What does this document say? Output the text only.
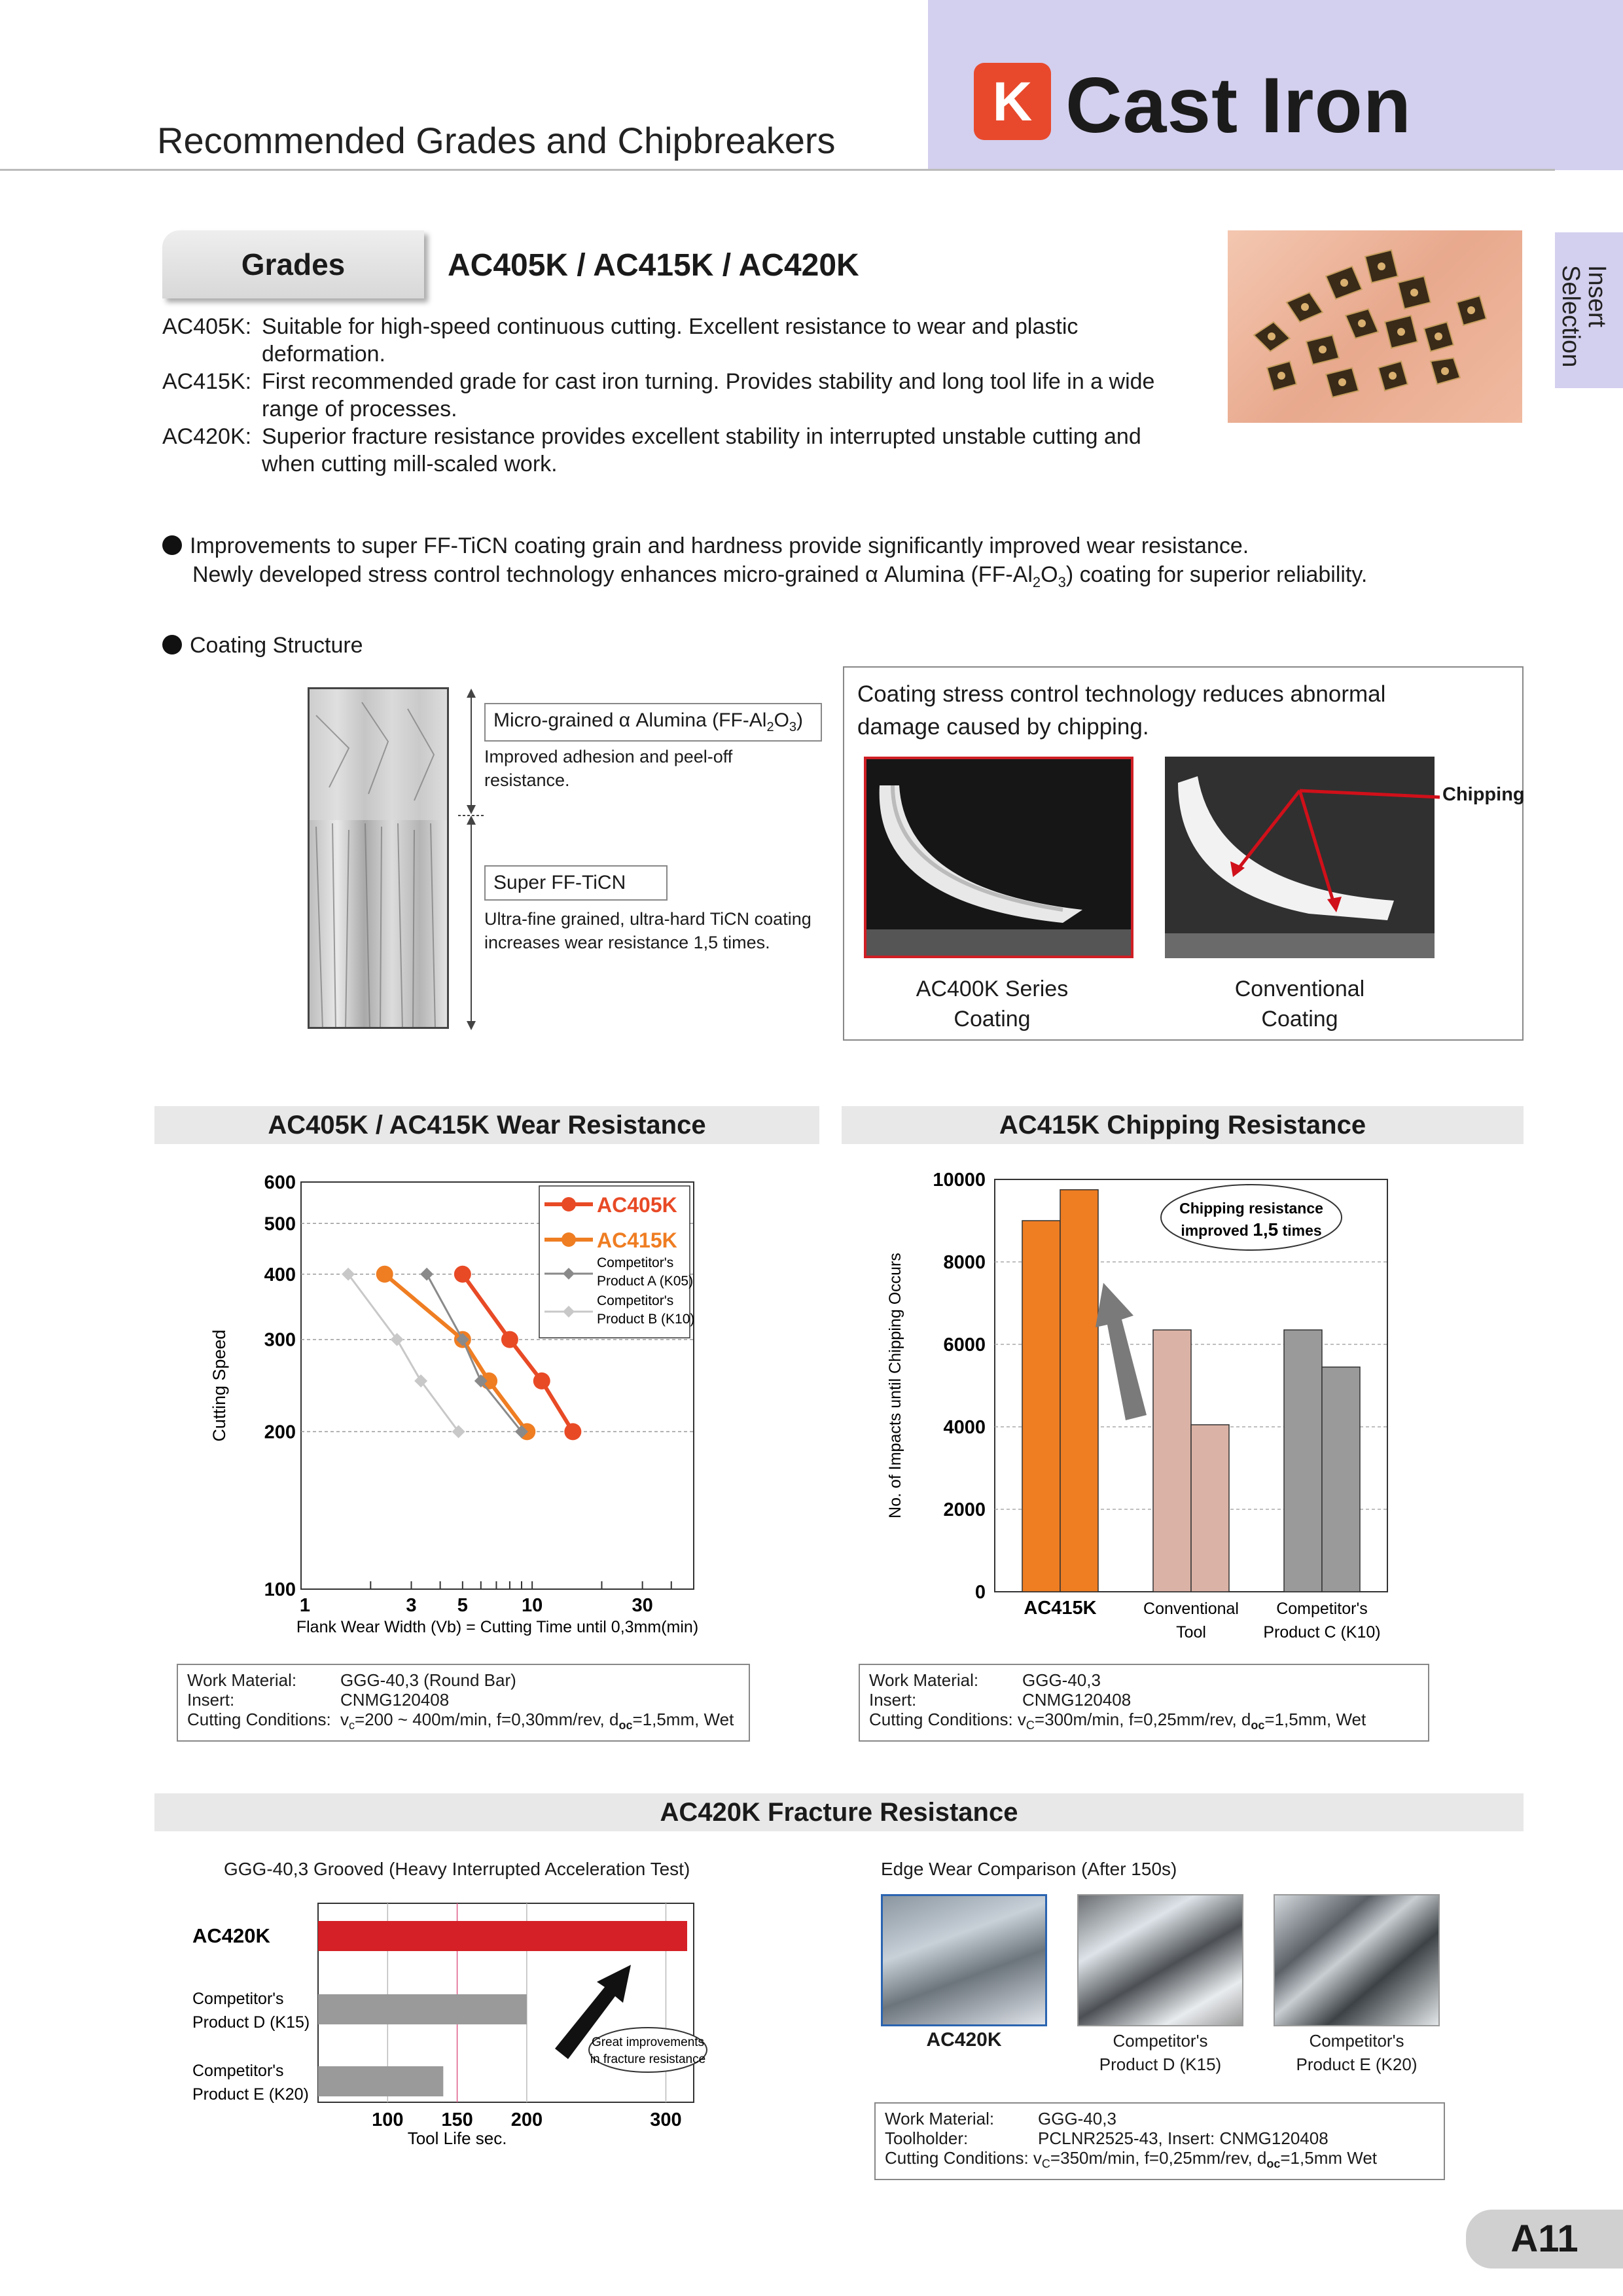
Recommended Grades and Chipbreakers
K Cast Iron
Insert
Selection
Grades	AC405K / AC415K / AC420K
AC405K: Suitable for high-speed continuous cutting. Excellent resistance to wear and plastic
deformation.
AC415K: First recommended grade for cast iron turning. Provides stability and long tool life in a wide
range of processes.
AC420K: Superior fracture resistance provides excellent stability in interrupted unstable cutting and
when cutting mill-scaled work.
Improvements to super FF-TiCN coating grain and hardness provide significantly improved wear resistance.
Newly developed stress control technology enhances micro-grained α Alumina $(FF-Al_2O_3)$ coating for superior reliability.
Coating Structure
Micro-grained α Alumina $(FF-Al_2O_3)$
Improved adhesion and peel-off
resistance.
Super FF-TiCN
Ultra-fine grained, ultra-hard TiCN coating
increases wear resistance 1,5 times.
Coating stress control technology reduces abnormal
damage caused by chipping.
Chipping
AC400K Series
Coating
Conventional
Coating
AC405K / AC415K Wear Resistance
100
200
300
400
500
600
1	3 5	10	30
Flank Wear Width (Vb) = Cutting Time until 0,3mm(min)
Cutting Speed
AC405K
AC415K
Competitor's
Product A (K05)
Competitor's
Product B (K10)
Work Material:	GGG-40,3 (Round Bar)
Insert:	CNMG120408
Cutting Conditions: $v_c=200$ ~ 400m/min, f=0,30mm/rev, $d_{oc}=1,5mm$, Wet
AC415K Chipping Resistance
0
2000
4000
6000
8000
10000
No. of Impacts until Chipping Occurs
AC415K	Conventional
Tool
Competitor's
Product C (K10)
Chipping resistance
improved 1,5 times
Work Material:	GGG-40,3
Insert:	CNMG120408
Cutting Conditions: $v_C=300m/\min$, f=0,25mm/rev, $d_{oc}=1,5mm$, Wet
AC420K Fracture Resistance
GGG-40,3 Grooved (Heavy Interrupted Acceleration Test)
100 150 200	300
Tool Life sec.
AC420K
Competitor's
Product D (K15)
Competitor's
Product E (K20)
Great improvements
in fracture resistance
Edge Wear Comparison (After 150s)
AC420K	Competitor's
Product D (K15)
Competitor's
Product E (K20)
Work Material:	GGG-40,3
Toolholder:	PCLNR2525-43, Insert: CNMG120408
Cutting Conditions: $v_C=350m/\min$, f=0,25mm/rev, $d_{oc}=1,5mm$ Wet
A11
